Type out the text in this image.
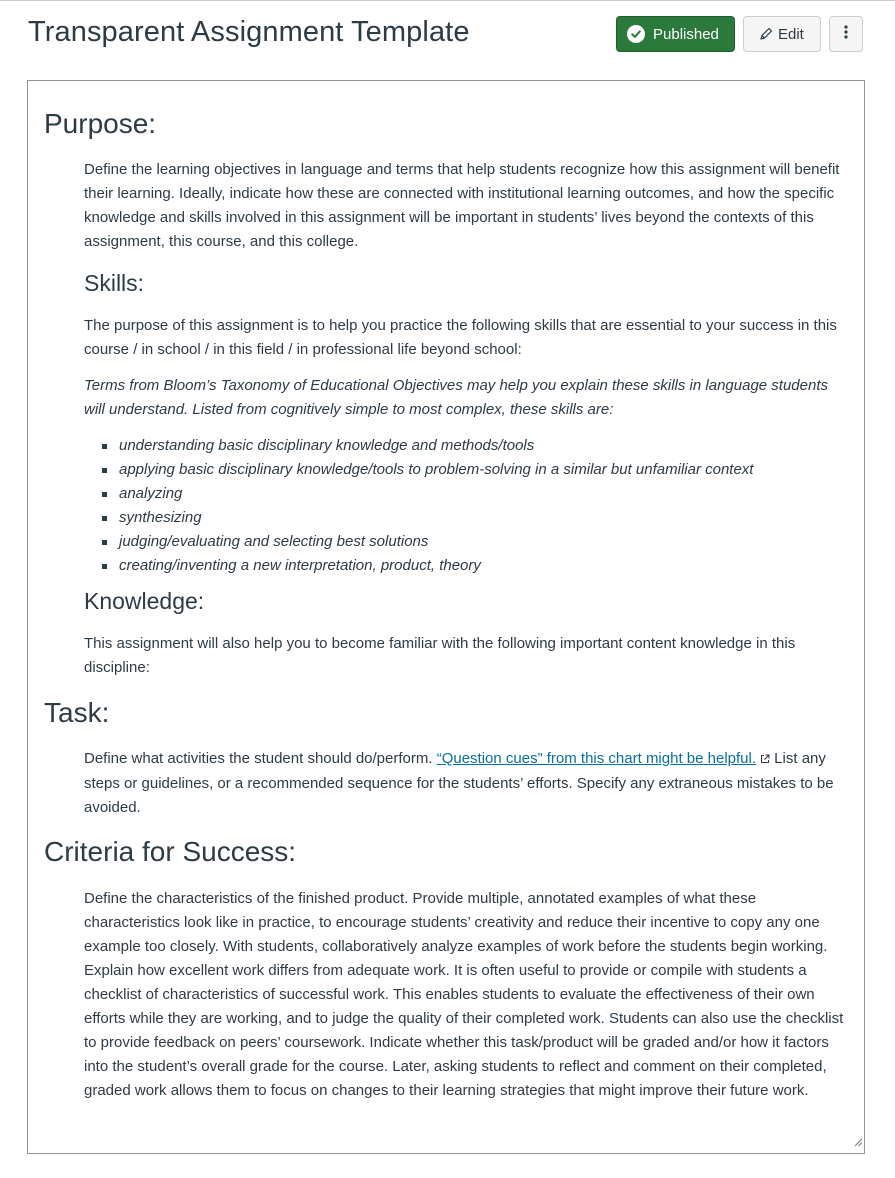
Transparent Assignment Template	Published	Edit
Purpose:

Define the learning objectives in language and terms that help students recognize how this assignment will benefit their learning. Ideally, indicate how these are connected with institutional learning outcomes, and how the specific knowledge and skills involved in this assignment will be important in students’ lives beyond the contexts of this assignment, this course, and this college.

Skills:

The purpose of this assignment is to help you practice the following skills that are essential to your success in this course / in school / in this field / in professional life beyond school:

Terms from Bloom’s Taxonomy of Educational Objectives may help you explain these skills in language students will understand. Listed from cognitively simple to most complex, these skills are:

understanding basic disciplinary knowledge and methods/tools
applying basic disciplinary knowledge/tools to problem-solving in a similar but unfamiliar context
analyzing
synthesizing
judging/evaluating and selecting best solutions
creating/inventing a new interpretation, product, theory
Knowledge:

This assignment will also help you to become familiar with the following important content knowledge in this discipline:

Task:

Define what activities the student should do/perform. “Question cues” from this chart might be helpful. List any steps or guidelines, or a recommended sequence for the students’ efforts. Specify any extraneous mistakes to be avoided.

Criteria for Success:

Define the characteristics of the finished product. Provide multiple, annotated examples of what these characteristics look like in practice, to encourage students’ creativity and reduce their incentive to copy any one example too closely. With students, collaboratively analyze examples of work before the students begin working. Explain how excellent work differs from adequate work. It is often useful to provide or compile with students a checklist of characteristics of successful work. This enables students to evaluate the effectiveness of their own efforts while they are working, and to judge the quality of their completed work. Students can also use the checklist to provide feedback on peers’ coursework. Indicate whether this task/product will be graded and/or how it factors into the student’s overall grade for the course. Later, asking students to reflect and comment on their completed, graded work allows them to focus on changes to their learning strategies that might improve their future work.
